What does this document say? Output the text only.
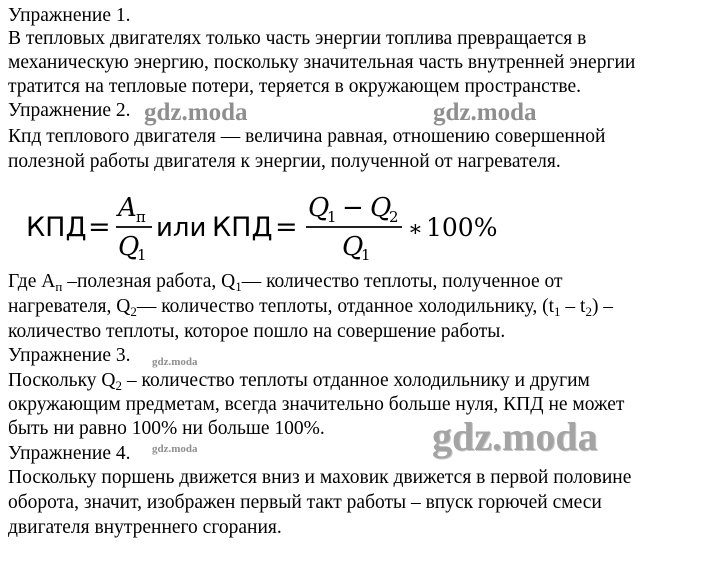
Упражнение 1.
В тепловых двигателях только часть энергии топлива превращается в
механическую энергию, поскольку значительная часть внутренней энергии
тратится на тепловые потери, теряется в окружающем пространстве.
Упражнение 2. gdz.moda	gdz.moda
Кпд теплового двигателя — величина равная, отношению совершенной
полезной работы двигателя к энергии, полученной от нагревателя.
КПД =
A п
Q
1
или КПД =
Q
1 − Q
2
Q
1
∗ 100%
Где $А_п$ –полезная работа, $Q_1—$ количество теплоты, полученное от
нагревателя, $Q_2—$ количество теплоты, отданное холодильнику, $(t_1 - t_2)$ –
количество теплоты, которое пошло на совершение работы.
Упражнение 3. gdz.moda
Поскольку $Q_2$ – количество теплоты отданное холодильнику и другим
окружающим предметам, всегда значительно больше нуля, КПД не может
быть ни равно 100% ни больше 100%.	gdz.moda
Упражнение 4. gdz.moda
Поскольку поршень движется вниз и маховик движется в первой половине
оборота, значит, изображен первый такт работы – впуск горючей смеси
двигателя внутреннего сгорания.
